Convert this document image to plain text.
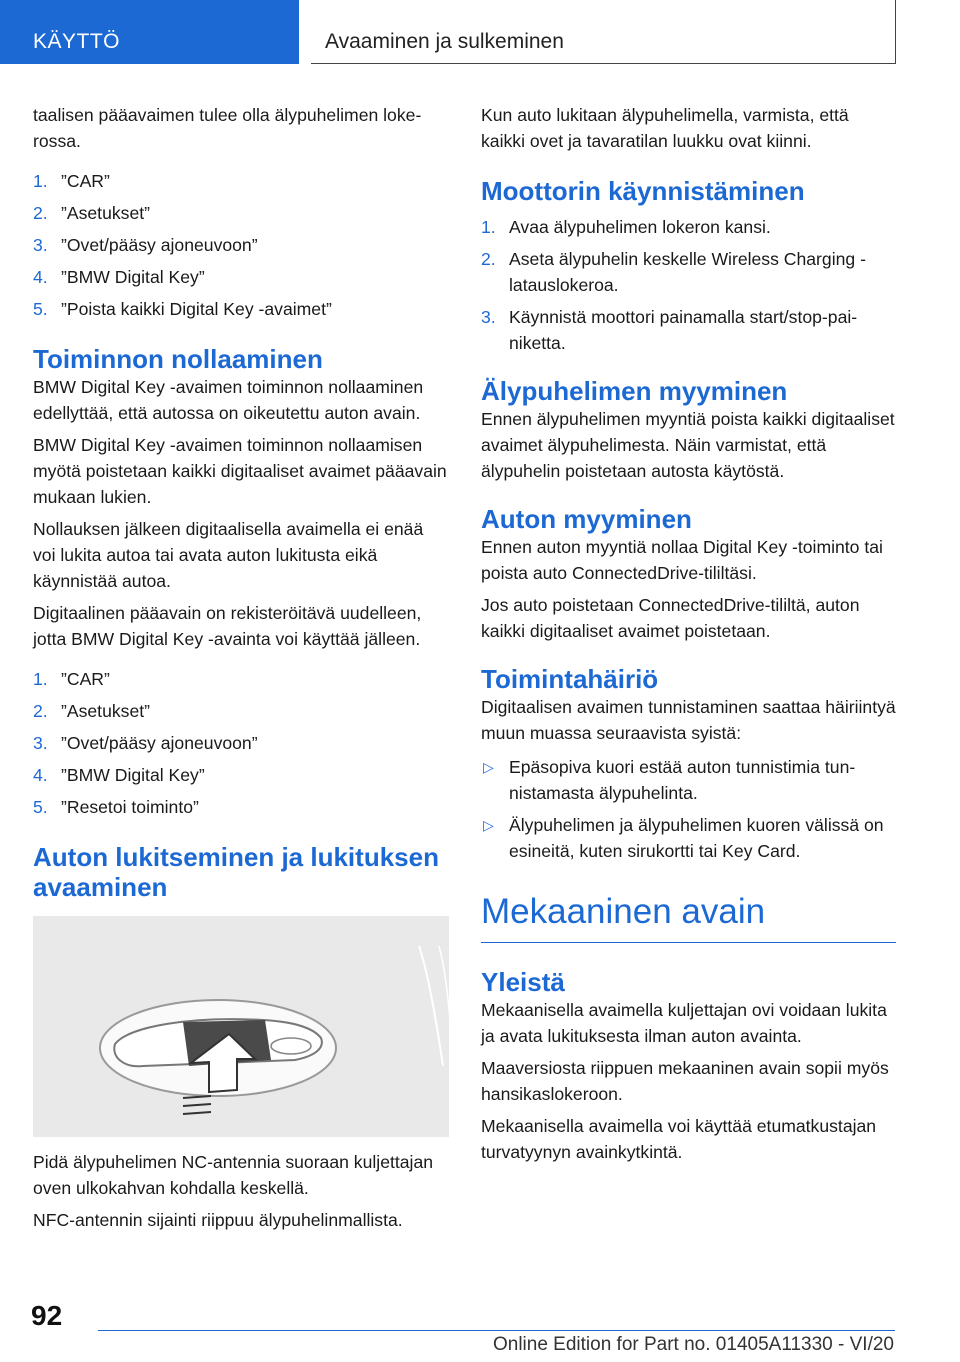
KÄYTTÖ	Avaaminen ja sulkeminen

taalisen pääavaimen tulee olla älypuhelimen lokerossa.

1. ”CAR”
2. ”Asetukset”
3. ”Ovet/pääsy ajoneuvoon”
4. ”BMW Digital Key”
5. ”Poista kaikki Digital Key -avaimet”
Toiminnon nollaaminen

BMW Digital Key -avaimen toiminnon nollaaminen edellyttää, että autossa on oikeutettu auton avain.

BMW Digital Key -avaimen toiminnon nollaamisen myötä poistetaan kaikki digitaaliset avaimet pääavain mukaan lukien.

Nollauksen jälkeen digitaalisella avaimella ei enää voi lukita autoa tai avata auton lukitusta eikä käynnistää autoa.

Digitaalinen pääavain on rekisteröitävä uudelleen, jotta BMW Digital Key -avainta voi käyttää jälleen.

1. ”CAR”
2. ”Asetukset”
3. ”Ovet/pääsy ajoneuvoon”
4. ”BMW Digital Key”
5. ”Resetoi toiminto”
Auton lukitseminen ja lukituksen avaaminen

Pidä älypuhelimen NC-antennia suoraan kuljettajan oven ulkokahvan kohdalla keskellä.

NFC-antennin sijainti riippuu älypuhelinmallista.

Kun auto lukitaan älypuhelimella, varmista, että kaikki ovet ja tavaratilan luukku ovat kiinni.

Moottorin käynnistäminen
1. Avaa älypuhelimen lokeron kansi.
2. Aseta älypuhelin keskelle Wireless Charging -latauslokeroa.
3. Käynnistä moottori painamalla start/stop-painiketta.
Älypuhelimen myyminen

Ennen älypuhelimen myyntiä poista kaikki digitaaliset avaimet älypuhelimesta. Näin varmistat, että älypuhelin poistetaan autosta käytöstä.

Auton myyminen

Ennen auton myyntiä nollaa Digital Key -toiminto tai poista auto ConnectedDrive-tililtäsi.

Jos auto poistetaan ConnectedDrive-tililtä, auton kaikki digitaaliset avaimet poistetaan.

Toimintahäiriö

Digitaalisen avaimen tunnistaminen saattaa häiriintyä muun muassa seuraavista syistä:

▷ Epäsopiva kuori estää auton tunnistimia tunnistamasta älypuhelinta.
▷ Älypuhelimen ja älypuhelimen kuoren välissä on esineitä, kuten sirukortti tai Key Card.
Mekaaninen avain
Yleistä

Mekaanisella avaimella kuljettajan ovi voidaan lukita ja avata lukituksesta ilman auton avainta.

Maaversiosta riippuen mekaaninen avain sopii myös hansikaslokeroon.

Mekaanisella avaimella voi käyttää etumatkustajan turvatyynyn avainkytkintä.

92
Online Edition for Part no. 01405A11330 - VI/20
